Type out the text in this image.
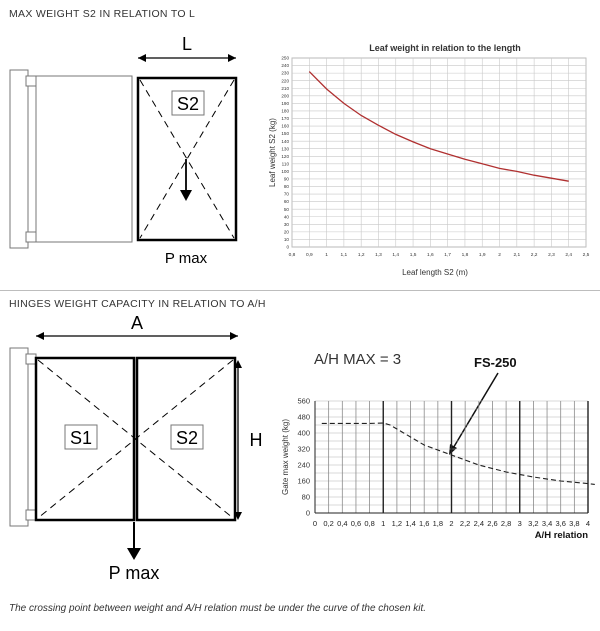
MAX WEIGHT S2 IN RELATION TO L
L
S2
P max
0
10
20
30
40
50
60
70
80
90
100
110
120
130
140
150
160
170
180
190
200
210
220
230
240
250
0,8 0,9	1	1,1 1,2 1,3 1,4 1,5 1,6 1,7 1,8 1,9	2	2,1 2,2 2,3 2,4 2,5
Leaf weight in relation to the length
Leaf length S2 (m)
Leaf weight S2 (kg)
HINGES WEIGHT CAPACITY IN RELATION TO A/H
A
S1	S2	H
P max
A/H MAX = 3	FS-250
0
80
160
240
320
400
480
560
0 0,2 0,4 0,6 0,8 1 1,2 1,4 1,6 1,8 2 2,2 2,4 2,6 2,8 3 3,2 3,4 3,6 3,8 4
A/H relation
Gate max weight (kg)
The crossing point between weight and A/H relation must be under the curve of the chosen kit.
